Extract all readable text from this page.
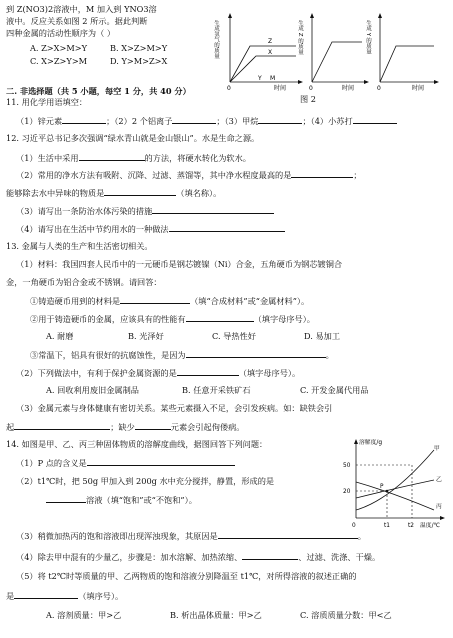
到 Z(NO3)2溶液中，M 加入到 YNO3溶
液中。反应关系如图 2 所示。据此判断
四种金属的活动性顺序为（ ）
A. Z>X>M>Y	B. X>Z>M>Y
C. X>Z>Y>M	D. Y>M>Z>X
生成氢气的质量	Z
X
Y M
0	时间
生成 Z 的质量
0	时间
生成 Y 的质量
0	时间
二. 非选择题（共 5 小题，每空 1 分，共 40 分）
图 2
11. 用化学用语填空：
（1）锌元素	；（2）2 个铝离子	；（3）甲烷	；（4）小苏打
12. 习近平总书记多次强调“绿水青山就是金山银山”。水是生命之源。
（1）生活中采用	的方法，将硬水转化为软水。
（2）常用的净水方法有吸附、沉降、过滤、蒸馏等，其中净水程度最高的是	；
能够除去水中异味的物质是	（填名称）。
（3）请写出一条防治水体污染的措施
（4）请写出在生活中节约用水的一种做法
13. 金属与人类的生产和生活密切相关。
（1）材料：我国四套人民币中的一元硬币是钢芯镀镍（Ni）合金，五角硬币为钢芯镀铜合
金，一角硬币为铝合金或不锈钢。请回答：
①铸造硬币用到的材料是	（填“合成材料”或“金属材料”）。
②用于铸造硬币的金属，应该具有的性能有	（填字母序号）。
A. 耐磨	B. 光泽好	C. 导热性好	D. 易加工
③常温下，铝具有很好的抗腐蚀性，是因为	。
（2）下列做法中，有利于保护金属资源的是	（填字母序号）。
A. 回收利用废旧金属制品	B. 任意开采铁矿石	C. 开发金属代用品
（3）金属元素与身体健康有密切关系。某些元素摄入不足，会引发疾病。如：缺铁会引
起	；缺少	元素会引起佝偻病。
14. 如图是甲、乙、丙三种固体物质的溶解度曲线，据图回答下列问题：
（1）P 点的含义是
（2）t1℃时，把 50g 甲加入到 200g 水中充分搅拌，静置，形成的是
溶液（填“饱和”或“不饱和”）。
溶解度/g
50
20
0	t1	t2 温度/℃
P
甲
乙
丙
（3）稍微加热丙的饱和溶液即出现浑浊现象，其原因是	。
（4）除去甲中混有的少量乙，步骤是：加水溶解、加热浓缩、	、过滤、洗涤、干燥。
（5）将 t2℃时等质量的甲、乙两物质的饱和溶液分别降温至 t1℃，对所得溶液的叙述正确的
是	（填序号）。
A. 溶剂质量：甲>乙	B. 析出晶体质量：甲>乙	C. 溶质质量分数：甲<乙
